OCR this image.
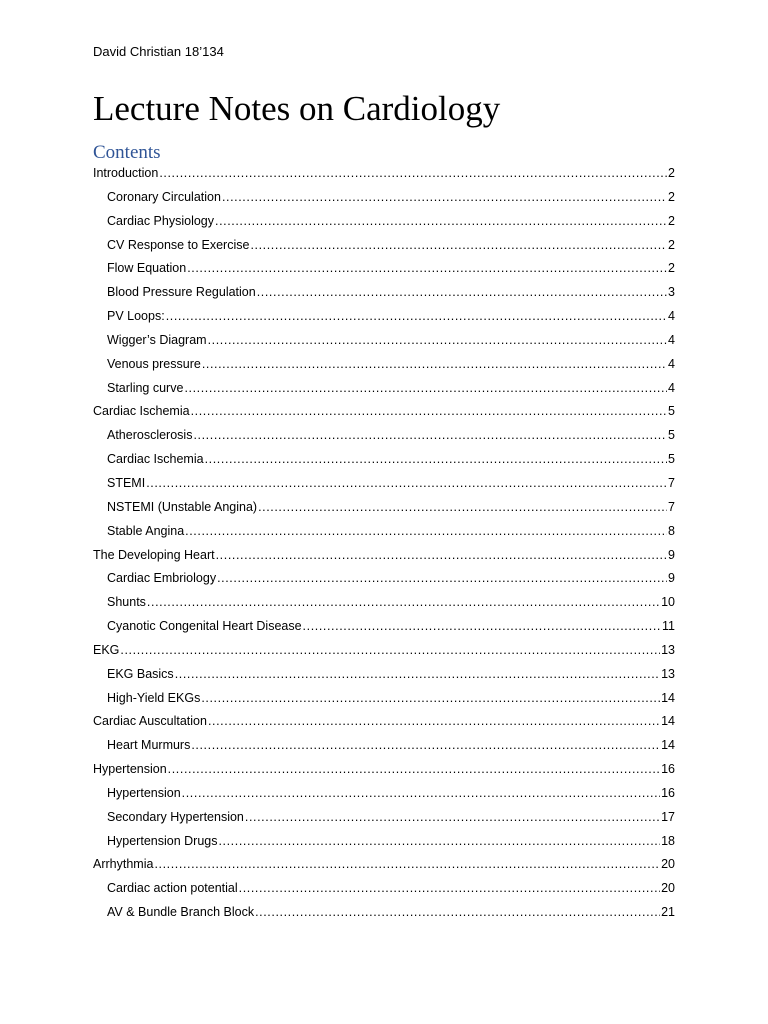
David Christian 18’134
Lecture Notes on Cardiology
Contents
Introduction .....	2
Coronary Circulation .....	2
Cardiac Physiology .....	2
CV Response to Exercise .....	2
Flow Equation .....	2
Blood Pressure Regulation .....	3
PV Loops: .....	4
Wigger’s Diagram .....	4
Venous pressure .....	4
Starling curve .....	4
Cardiac Ischemia .....	5
Atherosclerosis .....	5
Cardiac Ischemia .....	5
STEMI .....	7
NSTEMI (Unstable Angina) .....	7
Stable Angina .....	8
The Developing Heart .....	9
Cardiac Embriology .....	9
Shunts .....	10
Cyanotic Congenital Heart Disease .....	11
EKG .....	13
EKG Basics .....	13
High-Yield EKGs .....	14
Cardiac Auscultation .....	14
Heart Murmurs .....	14
Hypertension .....	16
Hypertension .....	16
Secondary Hypertension .....	17
Hypertension Drugs .....	18
Arrhythmia .....	20
Cardiac action potential .....	20
AV & Bundle Branch Block .....	21
